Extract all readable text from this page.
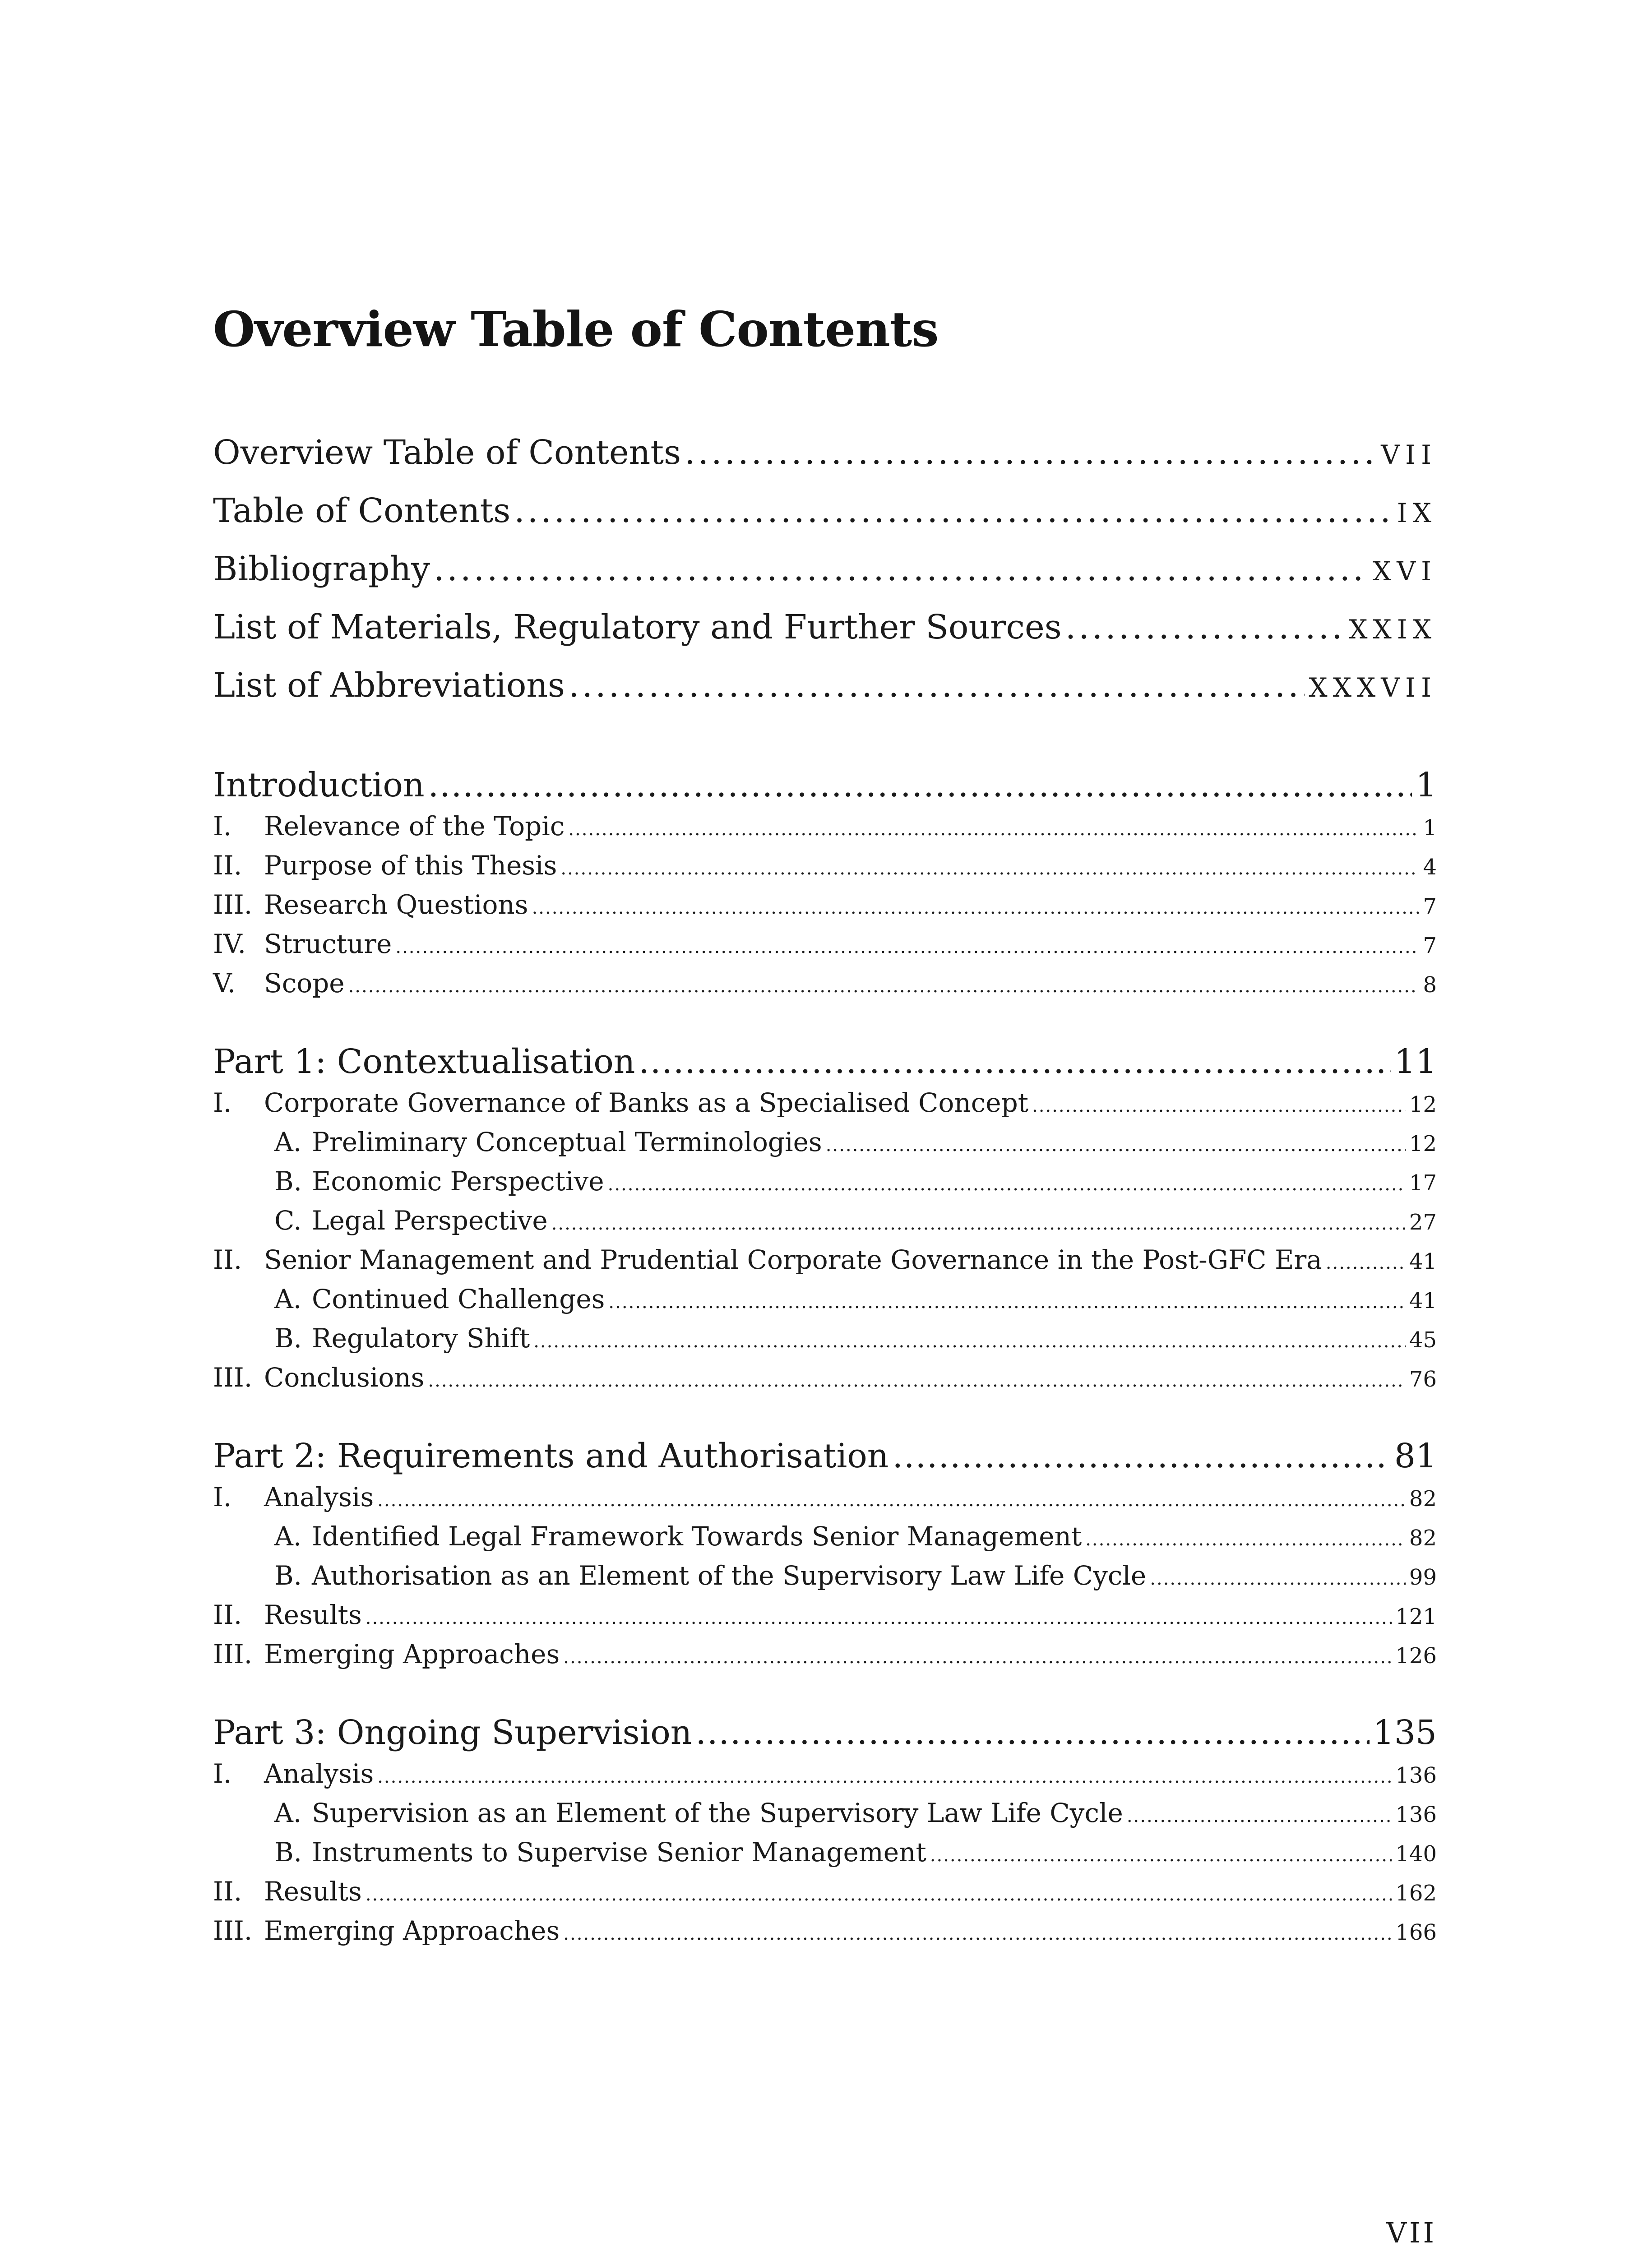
Overview Table of Contents
Overview Table of Contents .....	VII
Table of Contents .....	IX
Bibliography .....	XVI
List of Materials, Regulatory and Further Sources .....	XXIX
List of Abbreviations .....	XXXVII
Introduction .....	1
I.	Relevance of the Topic .....	1
II. Purpose of this Thesis .....	4
III. Research Questions .....	7
IV. Structure .....	7
V.	Scope .....	8
Part 1: Contextualisation .....	11
I.	Corporate Governance of Banks as a Specialised Concept .....	12
A. Preliminary Conceptual Terminologies .....	12
B. Economic Perspective .....	17
C. Legal Perspective .....	27
II. Senior Management and Prudential Corporate Governance in the Post-GFC Era .....	41
A. Continued Challenges .....	41
B. Regulatory Shift .....	45
III. Conclusions .....	76
Part 2: Requirements and Authorisation .....	81
I.	Analysis .....	82
A. Identified Legal Framework Towards Senior Management .....	82
B. Authorisation as an Element of the Supervisory Law Life Cycle .....	99
II. Results .....	121
III. Emerging Approaches .....	126
Part 3: Ongoing Supervision .....	135
I.	Analysis .....	136
A. Supervision as an Element of the Supervisory Law Life Cycle .....	136
B. Instruments to Supervise Senior Management .....	140
II. Results .....	162
III. Emerging Approaches .....	166
VII
